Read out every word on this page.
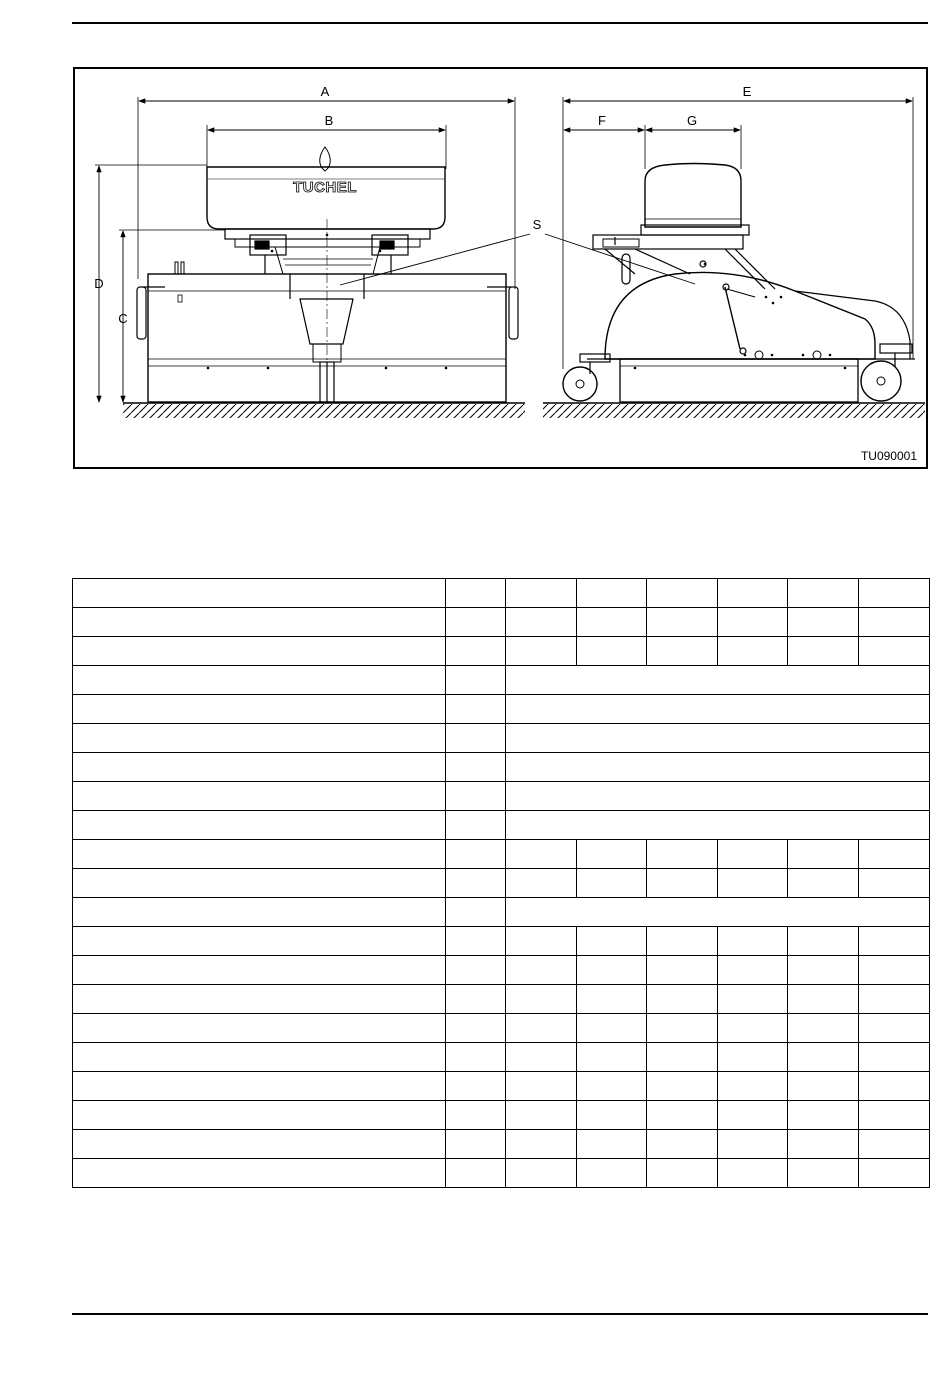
A
B
D
C
TUCHEL
S
E
F	G
TU090001
